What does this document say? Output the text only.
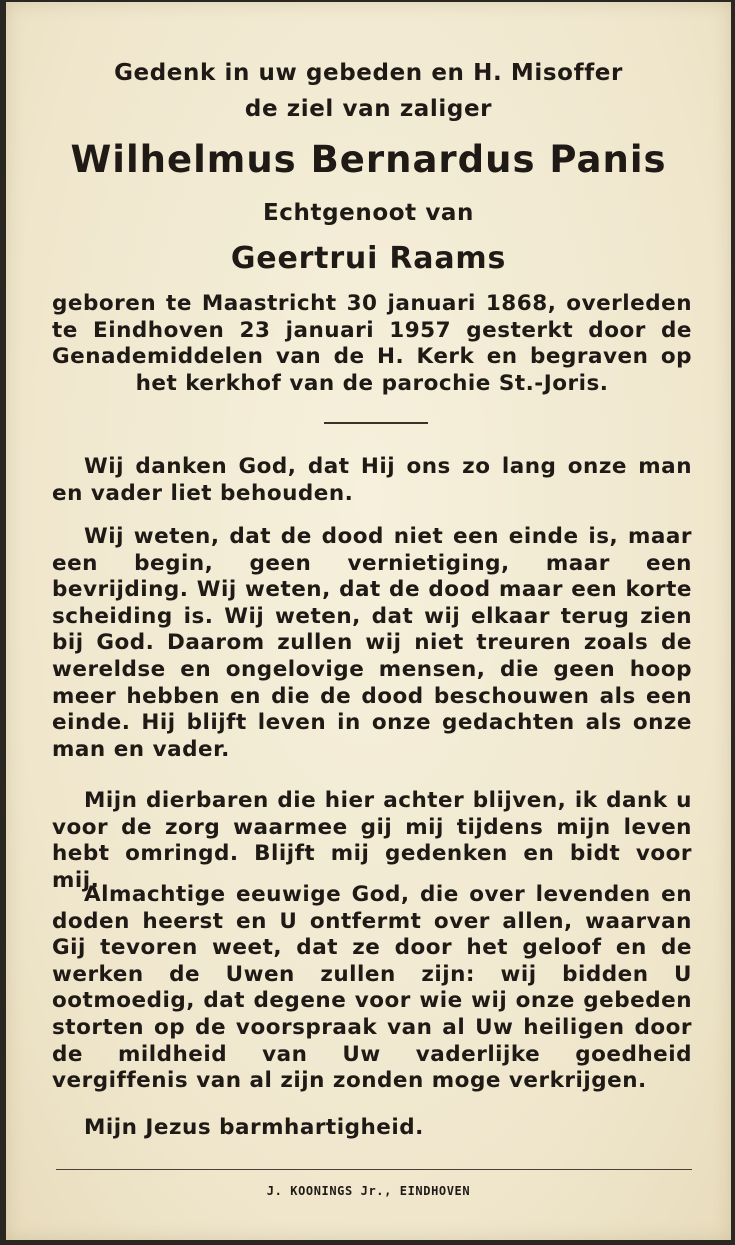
Gedenk in uw gebeden en H. Misoffer

de ziel van zaliger

Wilhelmus Bernardus Panis

Echtgenoot van

Geertrui Raams

geboren te Maastricht 30 januari 1868, overleden te Eindhoven 23 januari 1957 gesterkt door de Genademiddelen van de H. Kerk en begraven op het kerkhof van de parochie St.-Joris.

Wij danken God, dat Hij ons zo lang onze man en vader liet behouden.

Wij weten, dat de dood niet een einde is, maar een begin, geen vernietiging, maar een bevrijding. Wij weten, dat de dood maar een korte scheiding is. Wij weten, dat wij elkaar terug zien bij God. Daarom zullen wij niet treuren zoals de wereldse en ongelovige mensen, die geen hoop meer hebben en die de dood beschouwen als een einde. Hij blijft leven in onze gedachten als onze man en vader.

Mijn dierbaren die hier achter blijven, ik dank u voor de zorg waarmee gij mij tijdens mijn leven hebt omringd. Blijft mij gedenken en bidt voor mij.

Almachtige eeuwige God, die over levenden en doden heerst en U ontfermt over allen, waarvan Gij tevoren weet, dat ze door het geloof en de werken de Uwen zullen zijn: wij bidden U ootmoedig, dat degene voor wie wij onze gebeden storten op de voorspraak van al Uw heiligen door de mildheid van Uw vaderlijke goedheid vergiffenis van al zijn zonden moge verkrijgen.

Mijn Jezus barmhartigheid.

J. KOONINGS Jr., EINDHOVEN
